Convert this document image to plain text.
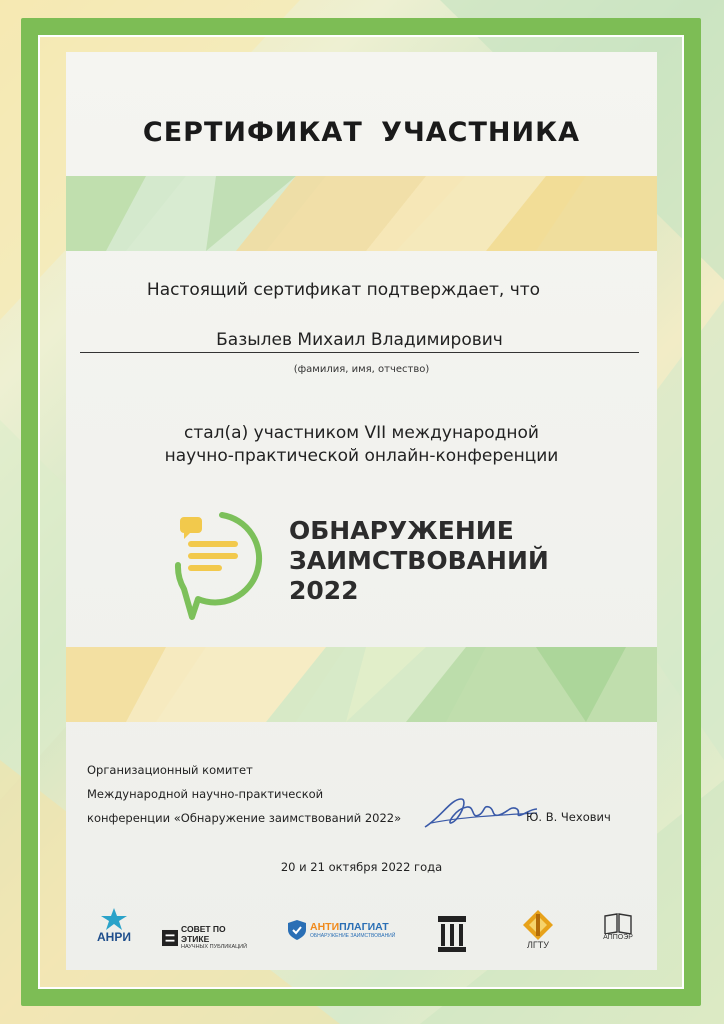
СЕРТИФИКАТ УЧАСТНИКА
Настоящий сертификат подтверждает, что
Базылев Михаил Владимирович
(фамилия, имя, отчество)
стал(а) участником VII международной
научно-практической онлайн-конференции
ОБНАРУЖЕНИЕ
ЗАИМСТВОВАНИЙ
2022
Организационный комитет
Международной научно-практической
конференции «Обнаружение заимствований 2022»	Ю. В. Чехович
20 и 21 октября 2022 года
АНРИ
СОВЕТ ПО ЭТИКЕ
НАУЧНЫХ ПУБЛИКАЦИЙ
АНТИПЛАГИАТ
ОБНАРУЖЕНИЕ ЗАИМСТВОВАНИЙ
ЛГТУ
АППОЭР
